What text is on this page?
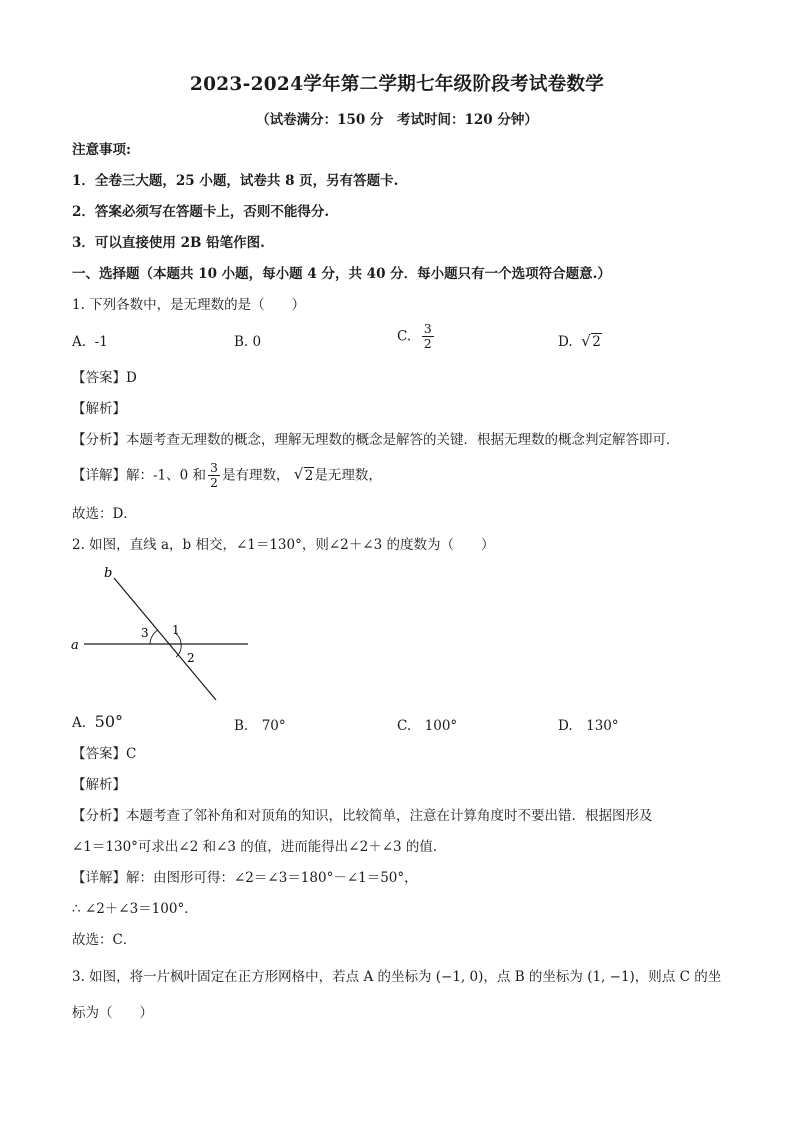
2023-2024学年第二学期七年级阶段考试卷数学
（试卷满分：150 分　考试时间：120 分钟）
注意事项:
1．全卷三大题，25 小题，试卷共 8 页，另有答题卡.
2．答案必须写在答题卡上，否则不能得分.
3．可以直接使用 2B 铅笔作图.
一、选择题（本题共 10 小题，每小题 4 分，共 40 分．每小题只有一个选项符合题意.）
1. 下列各数中，是无理数的是（　　）
A. -1	B. 0	C. $\frac{3}{2}$	D. √ 2
【答案】D
【解析】
【分析】本题考查无理数的概念，理解无理数的概念是解答的关键．根据无理数的概念判定解答即可．
【详解】解：-1、0 和 $\frac{3}{2}$ 是有理数， √ 2是无理数，
故选：D．
2. 如图，直线 a，b 相交，∠1＝130°，则∠2＋∠3 的度数为（　　）
b
a
3 1
2
A. 50°	B.　70°	C.　100°	D.　130°
【答案】C
【解析】
【分析】本题考查了邻补角和对顶角的知识，比较简单，注意在计算角度时不要出错．根据图形及
∠1＝130°可求出∠2 和∠3 的值，进而能得出∠2＋∠3 的值．
【详解】解：由图形可得：∠2＝∠3＝180°－∠1＝50°，
∴ ∠2＋∠3＝100°．
故选：C．
3. 如图，将一片枫叶固定在正方形网格中，若点 A 的坐标为 (−1, 0)，点 B 的坐标为 (1, −1)，则点 C 的坐
标为（　　）
